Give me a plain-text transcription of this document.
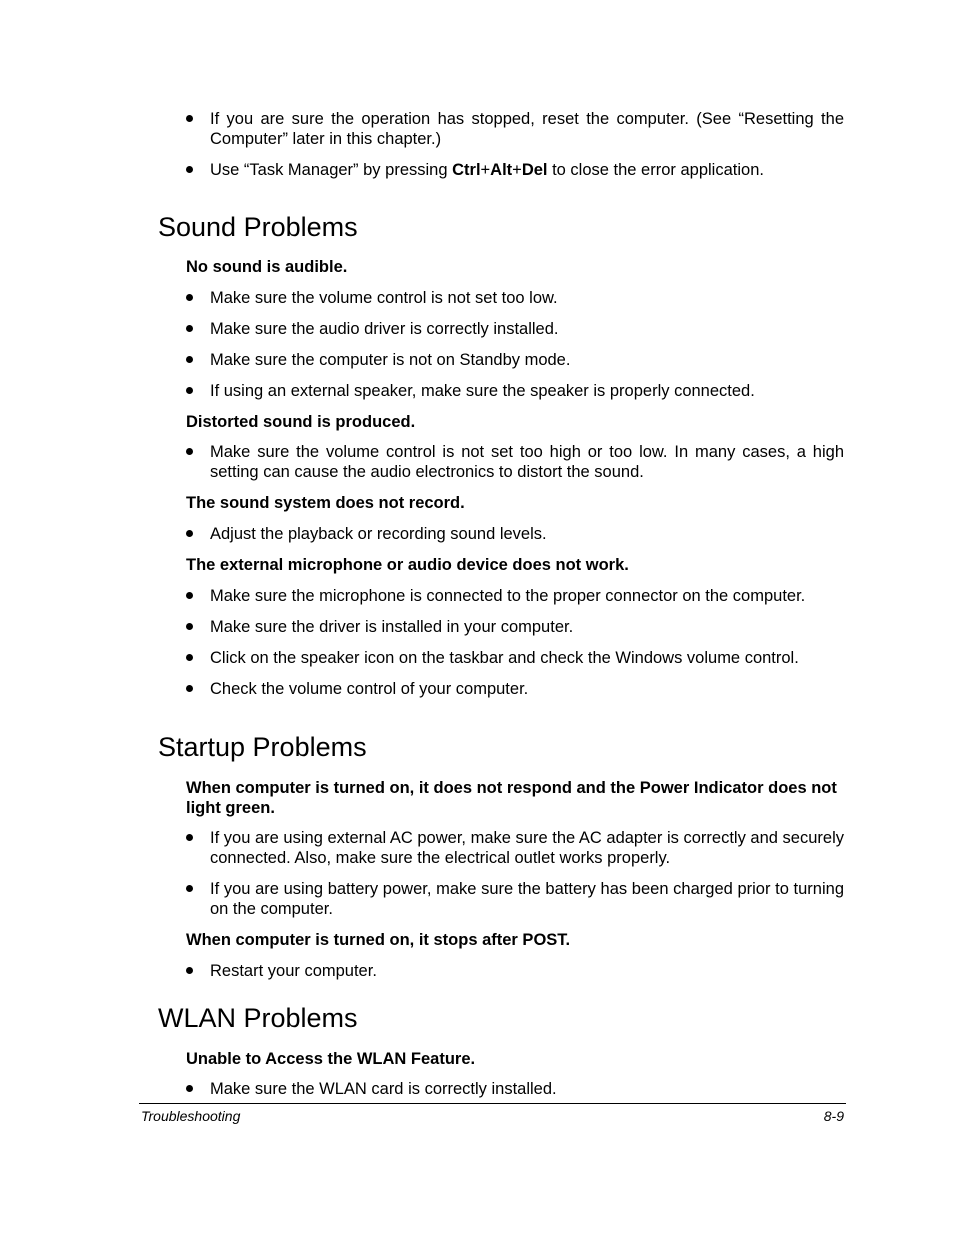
If you are sure the operation has stopped, reset the computer. (See “Resetting the Computer” later in this chapter.)
Use “Task Manager” by pressing Ctrl+Alt+Del to close the error application.
Sound Problems
No sound is audible.
Make sure the volume control is not set too low.
Make sure the audio driver is correctly installed.
Make sure the computer is not on Standby mode.
If using an external speaker, make sure the speaker is properly connected.
Distorted sound is produced.
Make sure the volume control is not set too high or too low. In many cases, a high setting can cause the audio electronics to distort the sound.
The sound system does not record.
Adjust the playback or recording sound levels.
The external microphone or audio device does not work.
Make sure the microphone is connected to the proper connector on the computer.
Make sure the driver is installed in your computer.
Click on the speaker icon on the taskbar and check the Windows volume control.
Check the volume control of your computer.
Startup Problems
When computer is turned on, it does not respond and the Power Indicator does not light green.
If you are using external AC power, make sure the AC adapter is correctly and securely connected. Also, make sure the electrical outlet works properly.
If you are using battery power, make sure the battery has been charged prior to turning on the computer.
When computer is turned on, it stops after POST.
Restart your computer.
WLAN Problems
Unable to Access the WLAN Feature.
Make sure the WLAN card is correctly installed.
Troubleshooting	8-9
